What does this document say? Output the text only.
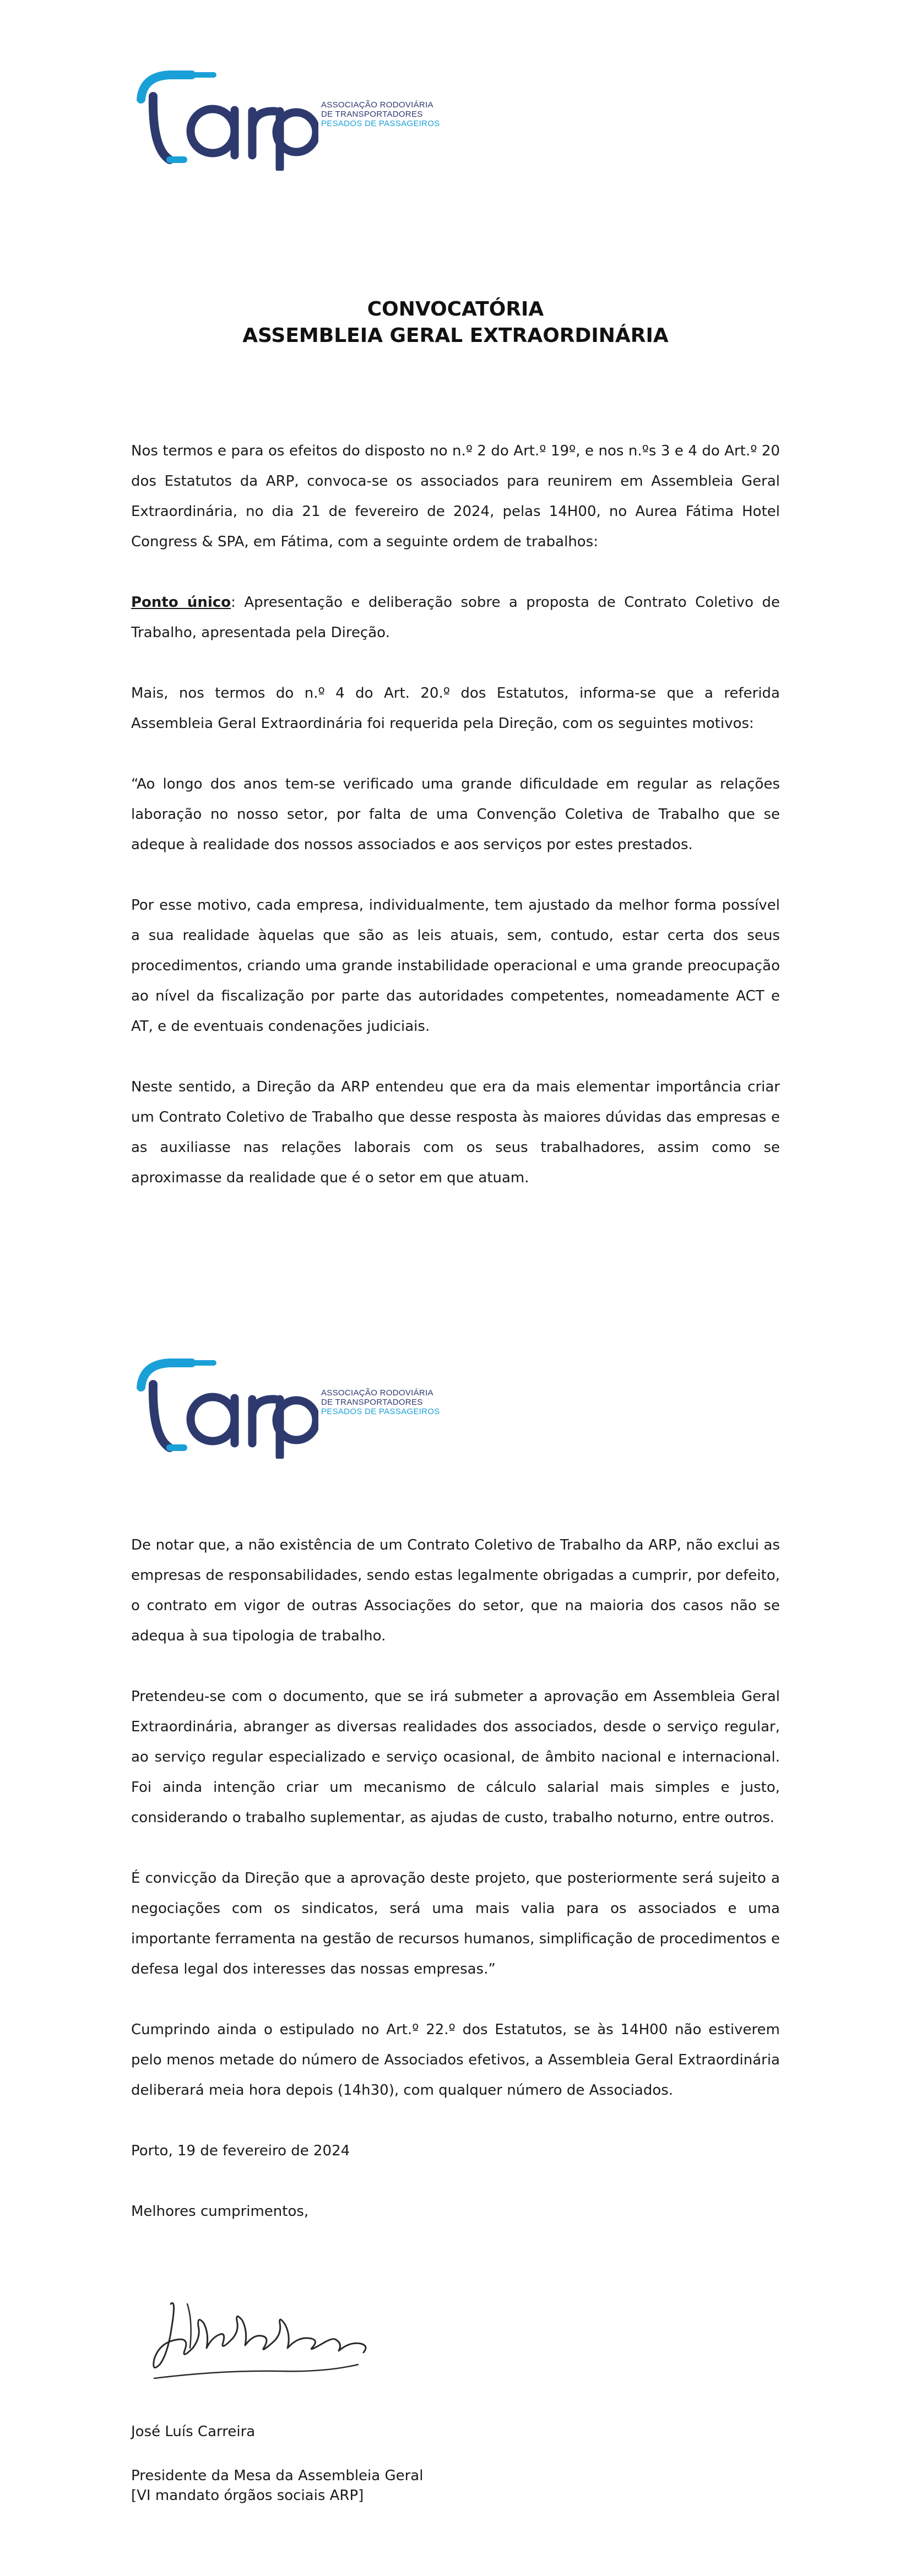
ASSOCIAÇÃO RODOVIÁRIA
DE TRANSPORTADORES
PESADOS DE PASSAGEIROS
CONVOCATÓRIA
ASSEMBLEIA GERAL EXTRAORDINÁRIA

Nos termos e para os efeitos do disposto no n.º 2 do Art.º 19º, e nos n.ºs 3 e 4 do Art.º 20 dos Estatutos da ARP, convoca-se os associados para reunirem em Assembleia Geral Extraordinária, no dia 21 de fevereiro de 2024, pelas 14H00, no Aurea Fátima Hotel Congress & SPA, em Fátima, com a seguinte ordem de trabalhos:

Ponto único: Apresentação e deliberação sobre a proposta de Contrato Coletivo de Trabalho, apresentada pela Direção.

Mais, nos termos do n.º 4 do Art. 20.º dos Estatutos, informa-se que a referida Assembleia Geral Extraordinária foi requerida pela Direção, com os seguintes motivos:

“Ao longo dos anos tem-se verificado uma grande dificuldade em regular as relações laboração no nosso setor, por falta de uma Convenção Coletiva de Trabalho que se adeque à realidade dos nossos associados e aos serviços por estes prestados.

Por esse motivo, cada empresa, individualmente, tem ajustado da melhor forma possível a sua realidade àquelas que são as leis atuais, sem, contudo, estar certa dos seus procedimentos, criando uma grande instabilidade operacional e uma grande preocupação ao nível da fiscalização por parte das autoridades competentes, nomeadamente ACT e AT, e de eventuais condenações judiciais.

Neste sentido, a Direção da ARP entendeu que era da mais elementar importância criar um Contrato Coletivo de Trabalho que desse resposta às maiores dúvidas das empresas e as auxiliasse nas relações laborais com os seus trabalhadores, assim como se aproximasse da realidade que é o setor em que atuam.

ASSOCIAÇÃO RODOVIÁRIA
DE TRANSPORTADORES
PESADOS DE PASSAGEIROS

De notar que, a não existência de um Contrato Coletivo de Trabalho da ARP, não exclui as empresas de responsabilidades, sendo estas legalmente obrigadas a cumprir, por defeito, o contrato em vigor de outras Associações do setor, que na maioria dos casos não se adequa à sua tipologia de trabalho.

Pretendeu-se com o documento, que se irá submeter a aprovação em Assembleia Geral Extraordinária, abranger as diversas realidades dos associados, desde o serviço regular, ao serviço regular especializado e serviço ocasional, de âmbito nacional e internacional. Foi ainda intenção criar um mecanismo de cálculo salarial mais simples e justo, considerando o trabalho suplementar, as ajudas de custo, trabalho noturno, entre outros.

É convicção da Direção que a aprovação deste projeto, que posteriormente será sujeito a negociações com os sindicatos, será uma mais valia para os associados e uma importante ferramenta na gestão de recursos humanos, simplificação de procedimentos e defesa legal dos interesses das nossas empresas.”

Cumprindo ainda o estipulado no Art.º 22.º dos Estatutos, se às 14H00 não estiverem pelo menos metade do número de Associados efetivos, a Assembleia Geral Extraordinária deliberará meia hora depois (14h30), com qualquer número de Associados.

Porto, 19 de fevereiro de 2024

Melhores cumprimentos,

José Luís Carreira

Presidente da Mesa da Assembleia Geral

[VI mandato órgãos sociais ARP]
